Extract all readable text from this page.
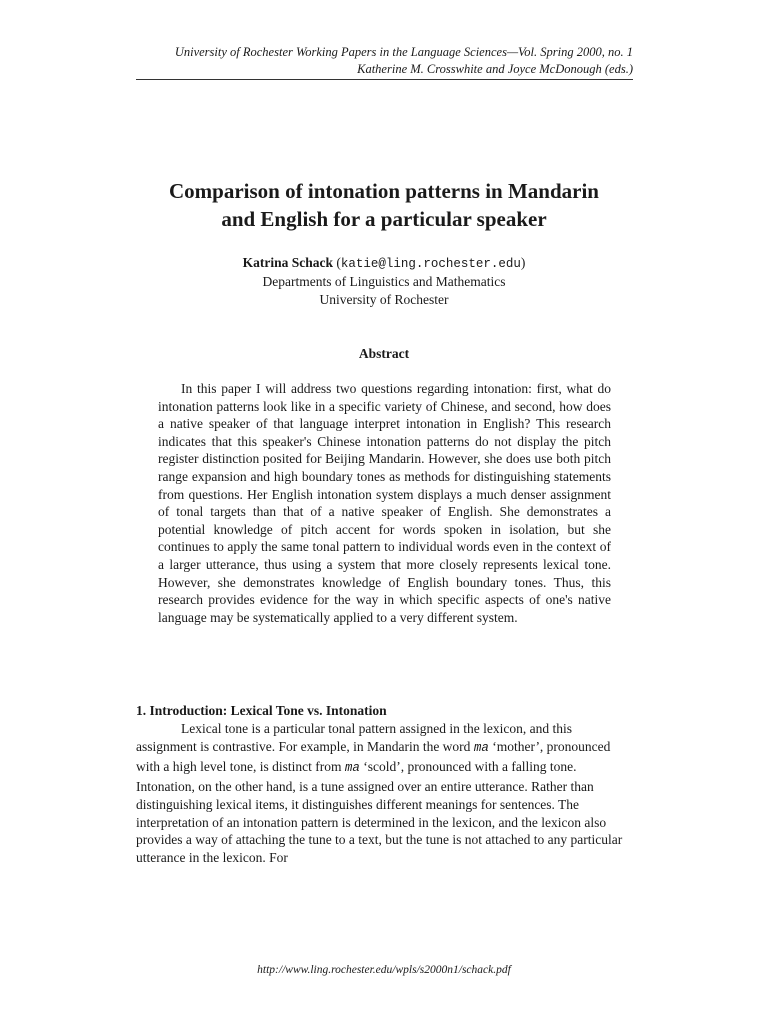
University of Rochester Working Papers in the Language Sciences—Vol. Spring 2000, no. 1
Katherine M. Crosswhite and Joyce McDonough (eds.)
Comparison of intonation patterns in Mandarin
and English for a particular speaker
Katrina Schack (katie@ling.rochester.edu)
Departments of Linguistics and Mathematics
University of Rochester
Abstract

In this paper I will address two questions regarding intonation: first, what do intonation patterns look like in a specific variety of Chinese, and second, how does a native speaker of that language interpret intonation in English? This research indicates that this speaker's Chinese intonation patterns do not display the pitch register distinction posited for Beijing Mandarin. However, she does use both pitch range expansion and high boundary tones as methods for distinguishing statements from questions. Her English intonation system displays a much denser assignment of tonal targets than that of a native speaker of English. She demonstrates a potential knowledge of pitch accent for words spoken in isolation, but she continues to apply the same tonal pattern to individual words even in the context of a larger utterance, thus using a system that more closely represents lexical tone. However, she demonstrates knowledge of English boundary tones. Thus, this research provides evidence for the way in which specific aspects of one's native language may be systematically applied to a very different system.

1. Introduction: Lexical Tone vs. Intonation

Lexical tone is a particular tonal pattern assigned in the lexicon, and this assignment is contrastive. For example, in Mandarin the word ma ‘mother’, pronounced with a high level tone, is distinct from ma ‘scold’, pronounced with a falling tone. Intonation, on the other hand, is a tune assigned over an entire utterance. Rather than distinguishing lexical items, it distinguishes different meanings for sentences. The interpretation of an intonation pattern is determined in the lexicon, and the lexicon also provides a way of attaching the tune to a text, but the tune is not attached to any particular utterance in the lexicon. For

http://www.ling.rochester.edu/wpls/s2000n1/schack.pdf
